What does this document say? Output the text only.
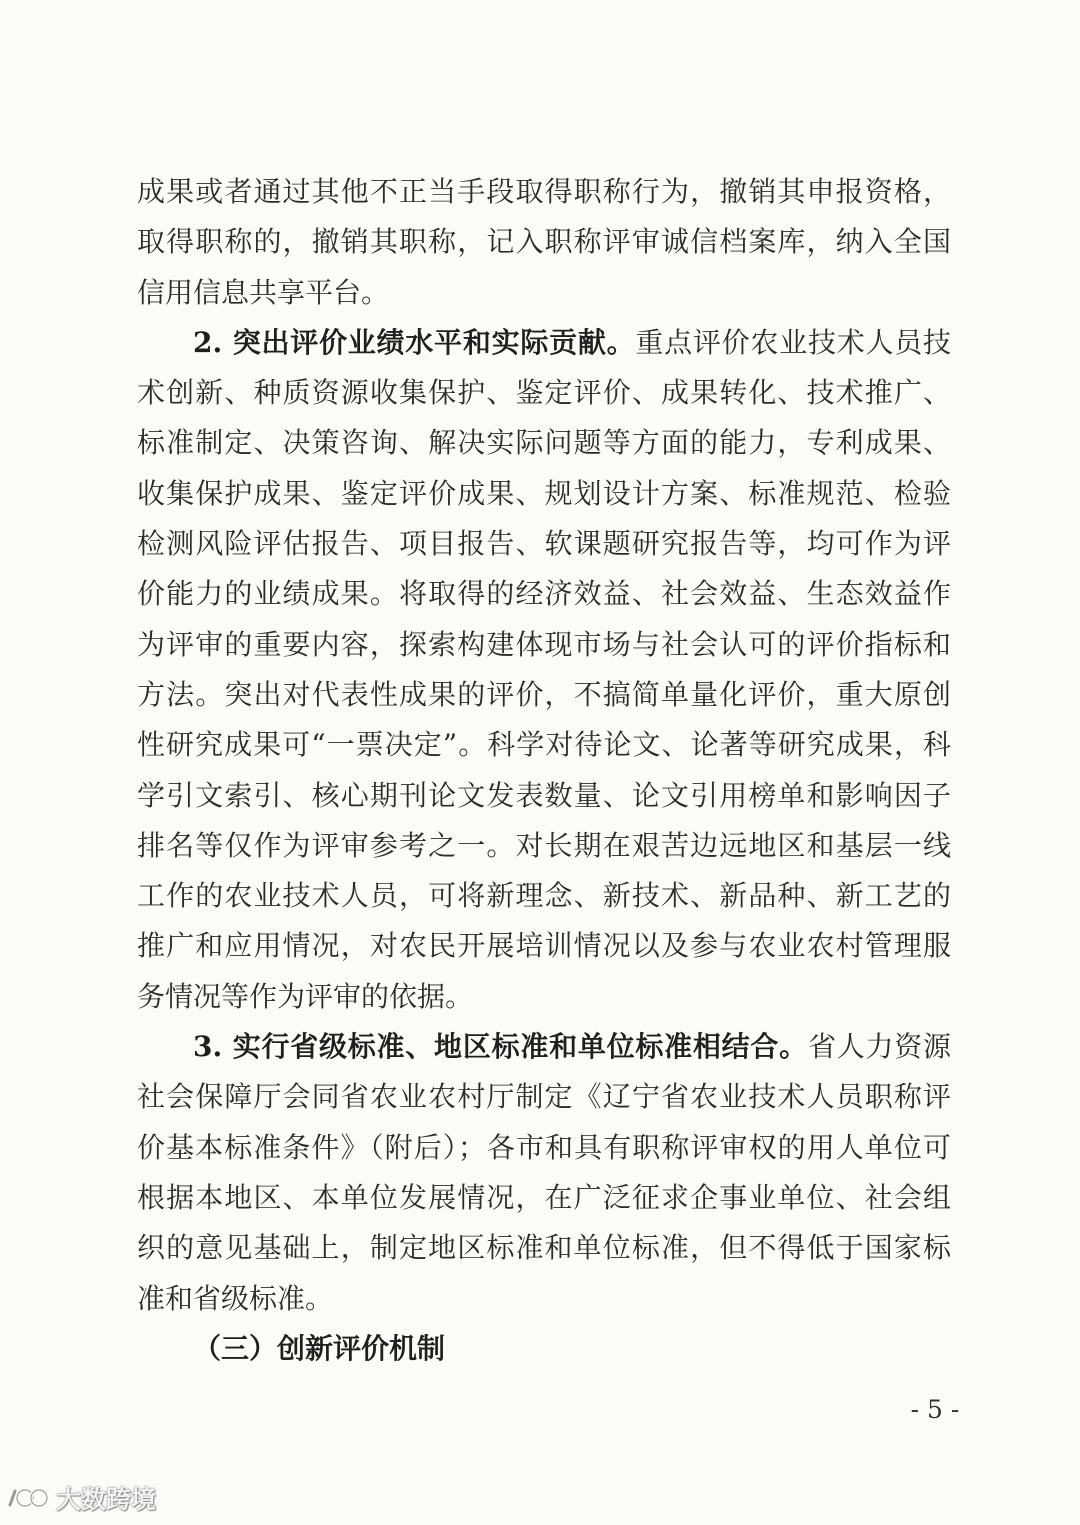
成果或者通过其他不正当手段取得职称行为，撤销其申报资格，
取得职称的，撤销其职称，记入职称评审诚信档案库，纳入全国
信用信息共享平台。
2. 突出评价业绩水平和实际贡献。重点评价农业技术人员技
术创新、种质资源收集保护、鉴定评价、成果转化、技术推广、
标准制定、决策咨询、解决实际问题等方面的能力，专利成果、
收集保护成果、鉴定评价成果、规划设计方案、标准规范、检验
检测风险评估报告、项目报告、软课题研究报告等，均可作为评
价能力的业绩成果。将取得的经济效益、社会效益、生态效益作
为评审的重要内容，探索构建体现市场与社会认可的评价指标和
方法。突出对代表性成果的评价，不搞简单量化评价，重大原创
性研究成果可“一票决定”。科学对待论文、论著等研究成果，科
学引文索引、核心期刊论文发表数量、论文引用榜单和影响因子
排名等仅作为评审参考之一。对长期在艰苦边远地区和基层一线
工作的农业技术人员，可将新理念、新技术、新品种、新工艺的
推广和应用情况，对农民开展培训情况以及参与农业农村管理服
务情况等作为评审的依据。
3. 实行省级标准、地区标准和单位标准相结合。省人力资源
社会保障厅会同省农业农村厅制定《辽宁省农业技术人员职称评
价基本标准条件》（附后）；各市和具有职称评审权的用人单位可
根据本地区、本单位发展情况，在广泛征求企事业单位、社会组
织的意见基础上，制定地区标准和单位标准，但不得低于国家标
准和省级标准。
（三）创新评价机制
- 5 -
大数跨境
